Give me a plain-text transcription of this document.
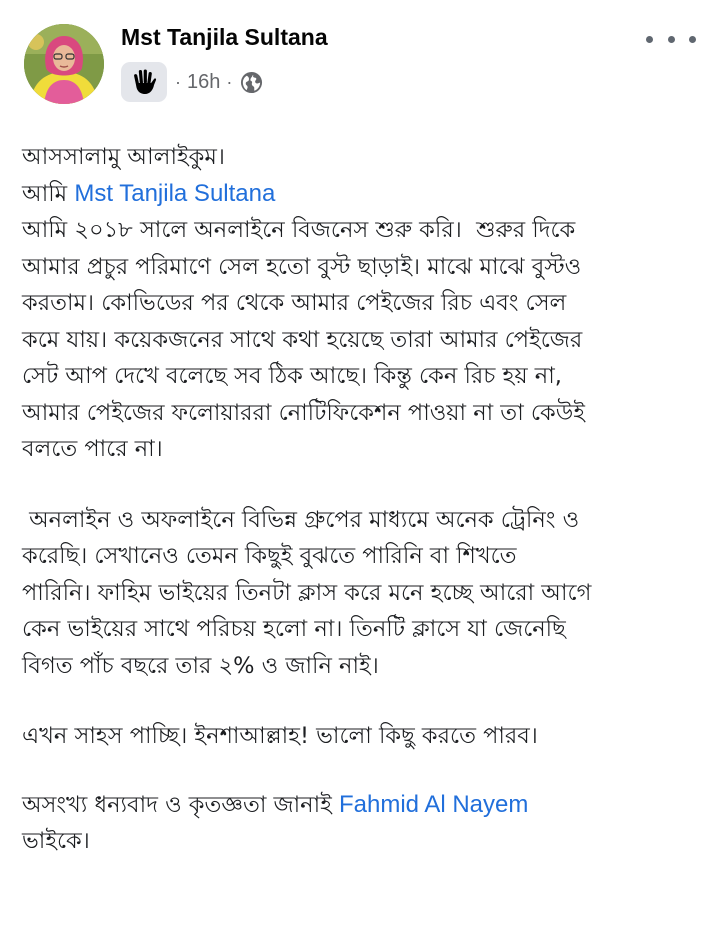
Mst Tanjila Sultana
· 16h ·

আসসালামু আলাইকুম।

আমি Mst Tanjila Sultana

আমি ২০১৮ সালে অনলাইনে বিজনেস শুরু করি।  শুরুর দিকে
আমার প্রচুর পরিমাণে সেল হতো বুস্ট ছাড়াই। মাঝে মাঝে বুস্টও
করতাম। কোভিডের পর থেকে আমার পেইজের রিচ এবং সেল
কমে যায়। কয়েকজনের সাথে কথা হয়েছে তারা আমার পেইজের
সেট আপ দেখে বলেছে সব ঠিক আছে। কিন্তু কেন রিচ হয় না,
আমার পেইজের ফলোয়াররা নোটিফিকেশন পাওয়া না তা কেউই
বলতে পারে না।

অনলাইন ও অফলাইনে বিভিন্ন গ্রুপের মাধ্যমে অনেক ট্রেনিং ও
করেছি। সেখানেও তেমন কিছুই বুঝতে পারিনি বা শিখতে
পারিনি। ফাহিম ভাইয়ের তিনটা ক্লাস করে মনে হচ্ছে আরো আগে
কেন ভাইয়ের সাথে পরিচয় হলো না। তিনটি ক্লাসে যা জেনেছি
বিগত পাঁচ বছরে তার ২% ও জানি নাই।

এখন সাহস পাচ্ছি। ইনশাআল্লাহ! ভালো কিছু করতে পারব।

অসংখ্য ধন্যবাদ ও কৃতজ্ঞতা জানাই Fahmid Al Nayem

ভাইকে।
